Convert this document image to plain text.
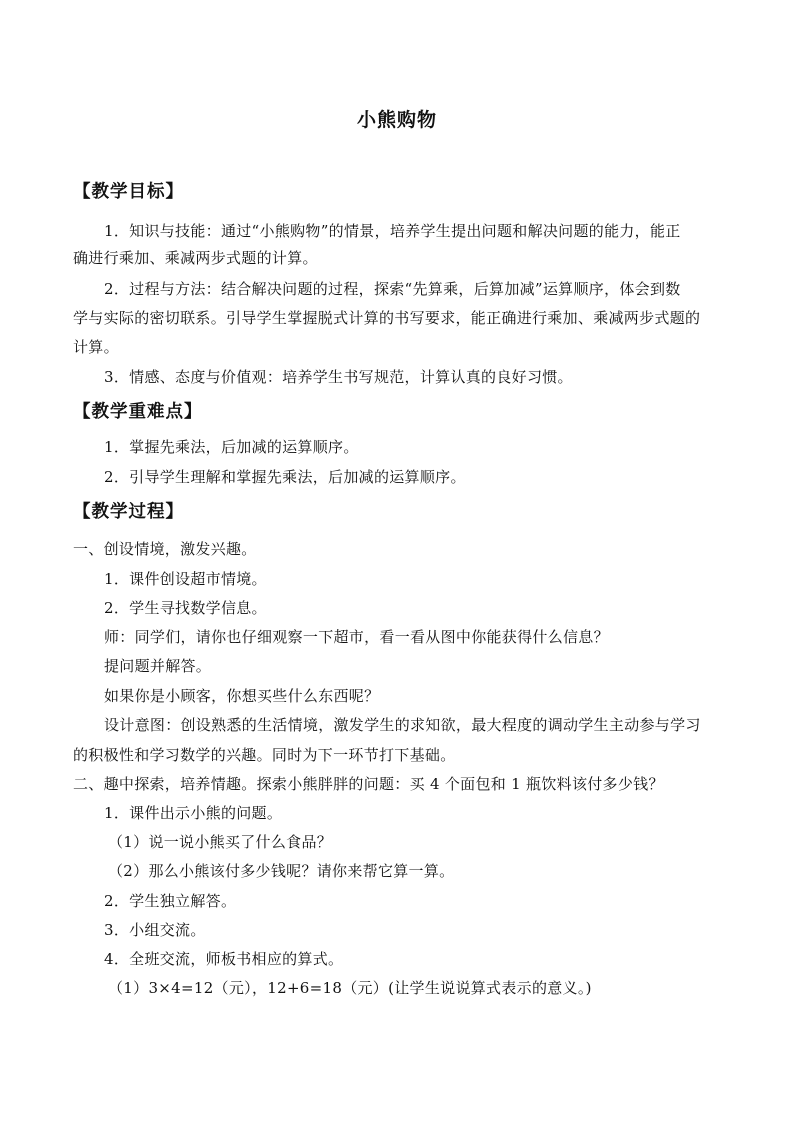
小熊购物
【教学目标】
1．知识与技能：通过“小熊购物”的情景，培养学生提出问题和解决问题的能力，能正
确进行乘加、乘减两步式题的计算。
2．过程与方法：结合解决问题的过程，探索“先算乘，后算加减”运算顺序，体会到数
学与实际的密切联系。引导学生掌握脱式计算的书写要求，能正确进行乘加、乘减两步式题的
计算。
3．情感、态度与价值观：培养学生书写规范，计算认真的良好习惯。
【教学重难点】
1．掌握先乘法，后加减的运算顺序。
2．引导学生理解和掌握先乘法，后加减的运算顺序。
【教学过程】
一、创设情境，激发兴趣。
1．课件创设超市情境。
2．学生寻找数学信息。
师：同学们，请你也仔细观察一下超市，看一看从图中你能获得什么信息？
提问题并解答。
如果你是小顾客，你想买些什么东西呢？
设计意图：创设熟悉的生活情境，激发学生的求知欲，最大程度的调动学生主动参与学习
的积极性和学习数学的兴趣。同时为下一环节打下基础。
二、趣中探索，培养情趣。探索小熊胖胖的问题：买 4 个面包和 1 瓶饮料该付多少钱？
1．课件出示小熊的问题。
（1）说一说小熊买了什么食品？
（2）那么小熊该付多少钱呢？请你来帮它算一算。
2．学生独立解答。
3．小组交流。
4．全班交流，师板书相应的算式。
（1）3×4=12（元），12+6=18（元）(让学生说说算式表示的意义。)
